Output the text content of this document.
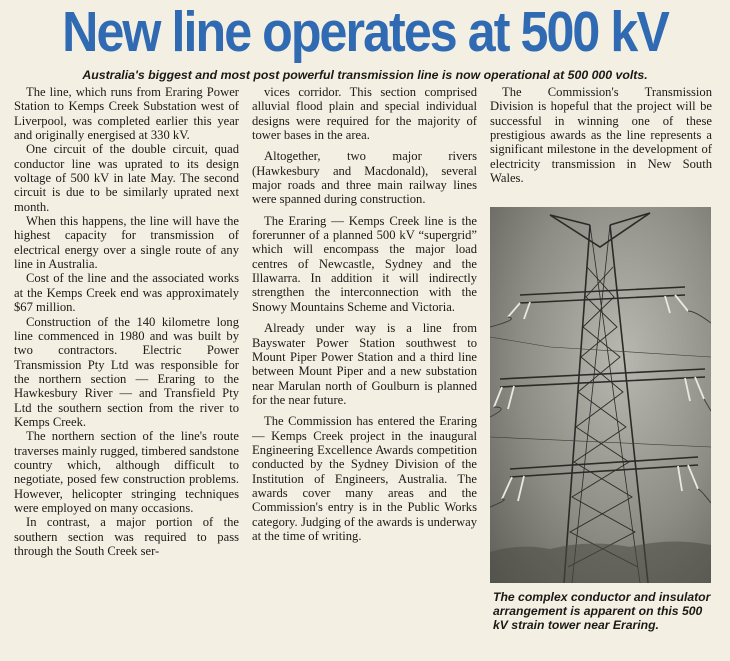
New line operates at 500 kV
Australia's biggest and most post powerful transmission line is now operational at 500 000 volts.

The line, which runs from Eraring Power Station to Kemps Creek Substation west of Liverpool, was completed earlier this year and originally energised at 330 kV.

One circuit of the double circuit, quad conductor line was uprated to its design voltage of 500 kV in late May. The second circuit is due to be similarly uprated next month.

When this happens, the line will have the highest capacity for transmission of electrical energy over a single route of any line in Australia.

Cost of the line and the associated works at the Kemps Creek end was approximately $67 million.

Construction of the 140 kilometre long line commenced in 1980 and was built by two contractors. Electric Power Transmission Pty Ltd was responsible for the northern section — Eraring to the Hawkesbury River — and Transfield Pty Ltd the southern section from the river to Kemps Creek.

The northern section of the line's route traverses mainly rugged, timbered sandstone country which, although difficult to negotiate, posed few construction problems. However, helicopter stringing techniques were employed on many occasions.

In contrast, a major portion of the southern section was required to pass through the South Creek ser-

vices corridor. This section comprised alluvial flood plain and special individual designs were required for the majority of tower bases in the area.

Altogether, two major rivers (Hawkesbury and Macdonald), several major roads and three main railway lines were spanned during construction.

The Eraring — Kemps Creek line is the forerunner of a planned 500 kV “supergrid” which will encompass the major load centres of Newcastle, Sydney and the Illawarra. In addition it will indirectly strengthen the interconnection with the Snowy Mountains Scheme and Victoria.

Already under way is a line from Bayswater Power Station southwest to Mount Piper Power Station and a third line between Mount Piper and a new substation near Marulan north of Goulburn is planned for the near future.

The Commission has entered the Eraring — Kemps Creek project in the inaugural Engineering Excellence Awards competition conducted by the Sydney Division of the Institution of Engineers, Australia. The awards cover many areas and the Commission's entry is in the Public Works category. Judging of the awards is underway at the time of writing.

The Commission's Transmission Division is hopeful that the project will be successful in winning one of these prestigious awards as the line represents a significant milestone in the development of electricity transmission in New South Wales.

The complex conductor and insulator arrangement is apparent on this 500 kV strain tower near Eraring.
